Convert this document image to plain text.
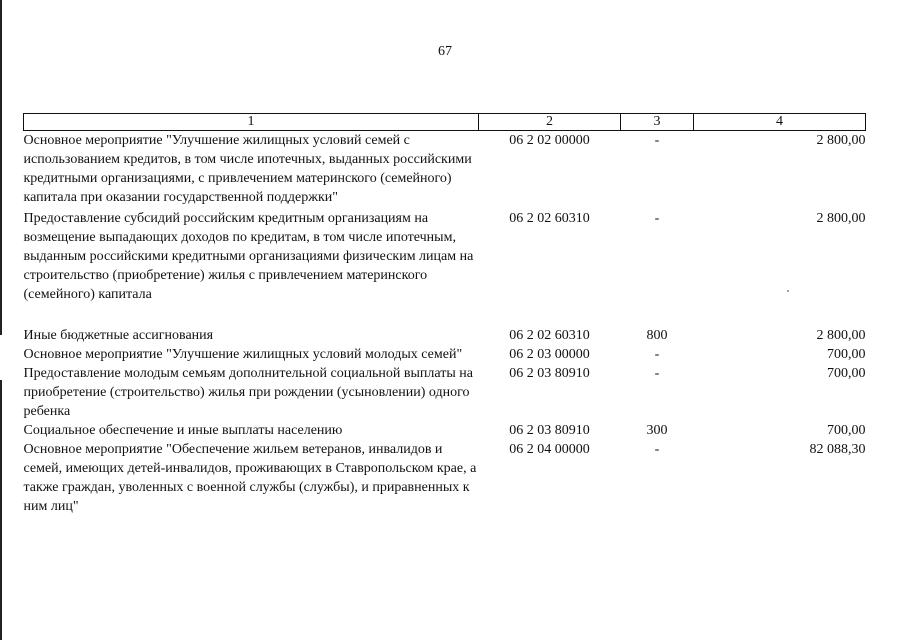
67
1	2	3	4
Основное мероприятие "Улучшение жилищных условий семей с использованием кредитов, в том числе ипотечных, выданных российскими кредитными организациями, с привлечением материнского (семейного) капитала при оказании государственной поддержки"	06 2 02 00000	-	2 800,00
Предоставление субсидий российским кредитным организациям на возмещение выпадающих доходов по кредитам, в том числе ипотечным, выданным российскими кредитными организациями физическим лицам на строительство (приобретение) жилья с привлечением материнского (семейного) капитала	06 2 02 60310	-	2 800,00

Иные бюджетные ассигнования	06 2 02 60310	800	2 800,00
Основное мероприятие "Улучшение жилищных условий молодых семей"	06 2 03 00000	-	700,00
Предоставление молодым семьям дополнительной социальной выплаты на приобретение (строительство) жилья при рождении (усыновлении) одного ребенка	06 2 03 80910	-	700,00
Социальное обеспечение и иные выплаты населению	06 2 03 80910	300	700,00
Основное мероприятие "Обеспечение жильем ветеранов, инвалидов и семей, имеющих детей-инвалидов, проживающих в Ставропольском крае, а также граждан, уволенных с военной службы (службы), и приравненных к ним лиц"	06 2 04 00000	-	82 088,30
